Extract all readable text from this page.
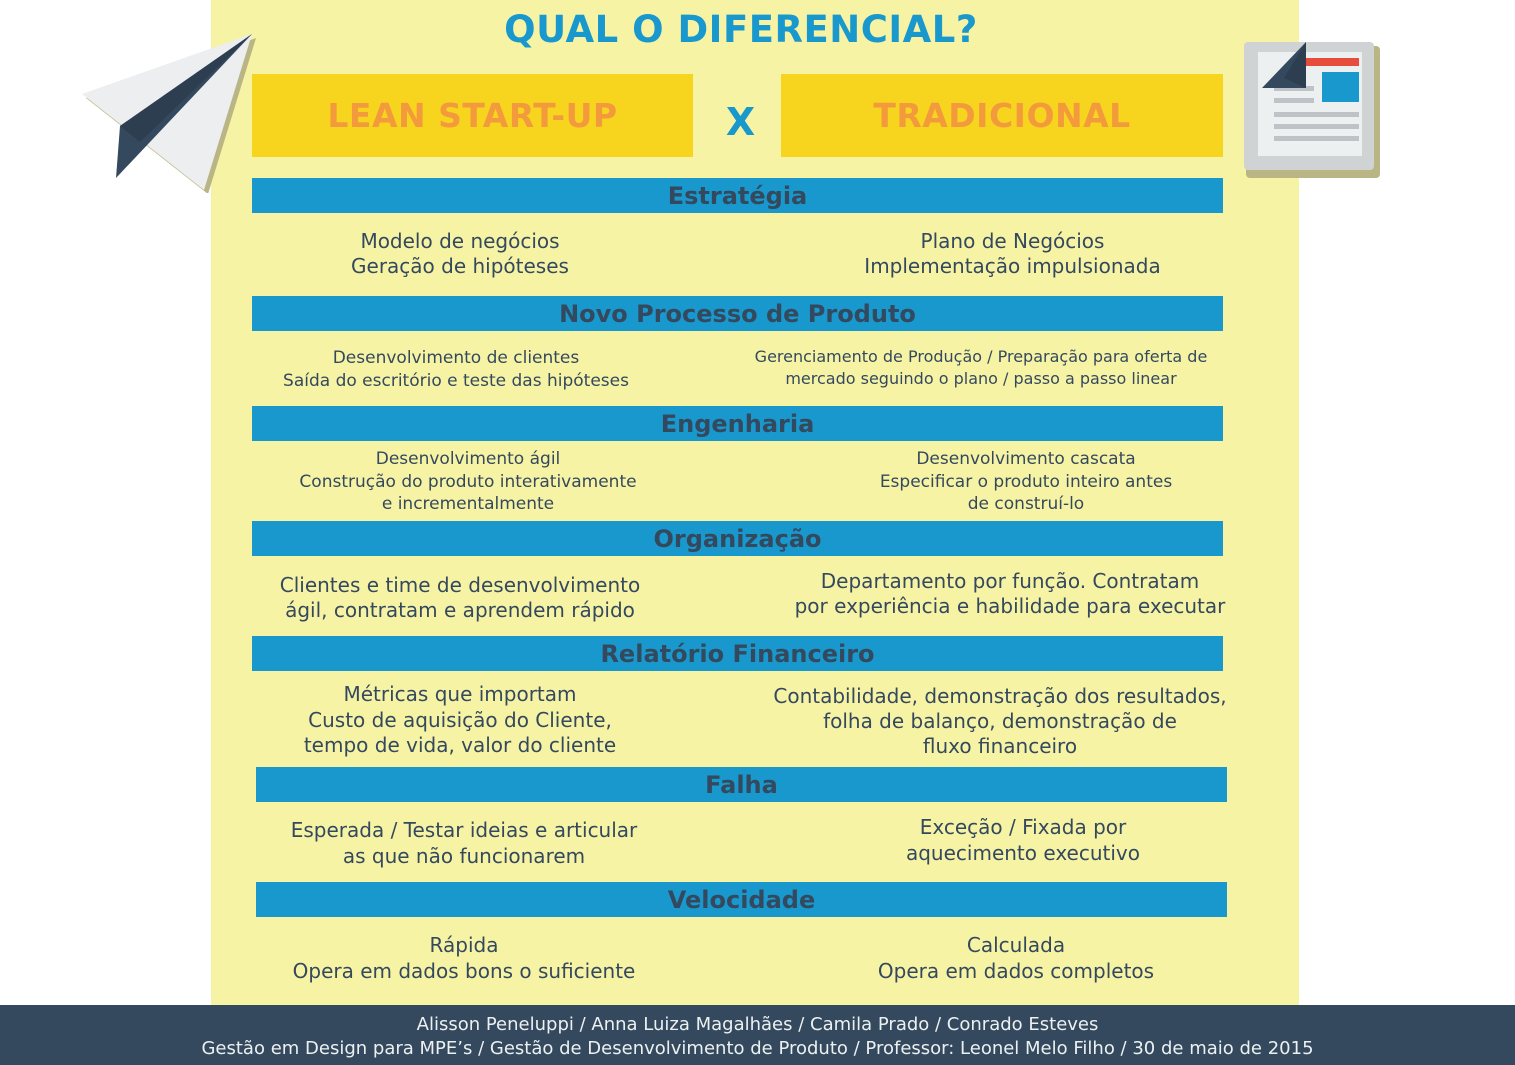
QUAL O DIFERENCIAL?
LEAN START-UP	X	TRADICIONAL
Estratégia
Modelo de negócios
Geração de hipóteses
Plano de Negócios
Implementação impulsionada
Novo Processo de Produto
Desenvolvimento de clientes
Saída do escritório e teste das hipóteses
Gerenciamento de Produção / Preparação para oferta de
mercado seguindo o plano / passo a passo linear
Engenharia
Desenvolvimento ágil
Construção do produto interativamente
e incrementalmente
Desenvolvimento cascata
Especificar o produto inteiro antes
de construí-lo
Organização
Clientes e time de desenvolvimento
ágil, contratam e aprendem rápido
Departamento por função. Contratam
por experiência e habilidade para executar
Relatório Financeiro
Métricas que importam
Custo de aquisição do Cliente,
tempo de vida, valor do cliente
Contabilidade, demonstração dos resultados,
folha de balanço, demonstração de
fluxo financeiro
Falha
Esperada / Testar ideias e articular
as que não funcionarem
Exceção / Fixada por
aquecimento executivo
Velocidade
Rápida
Opera em dados bons o suficiente
Calculada
Opera em dados completos
Alisson Peneluppi / Anna Luiza Magalhães / Camila Prado / Conrado Esteves
Gestão em Design para MPE’s / Gestão de Desenvolvimento de Produto / Professor: Leonel Melo Filho / 30 de maio de 2015
